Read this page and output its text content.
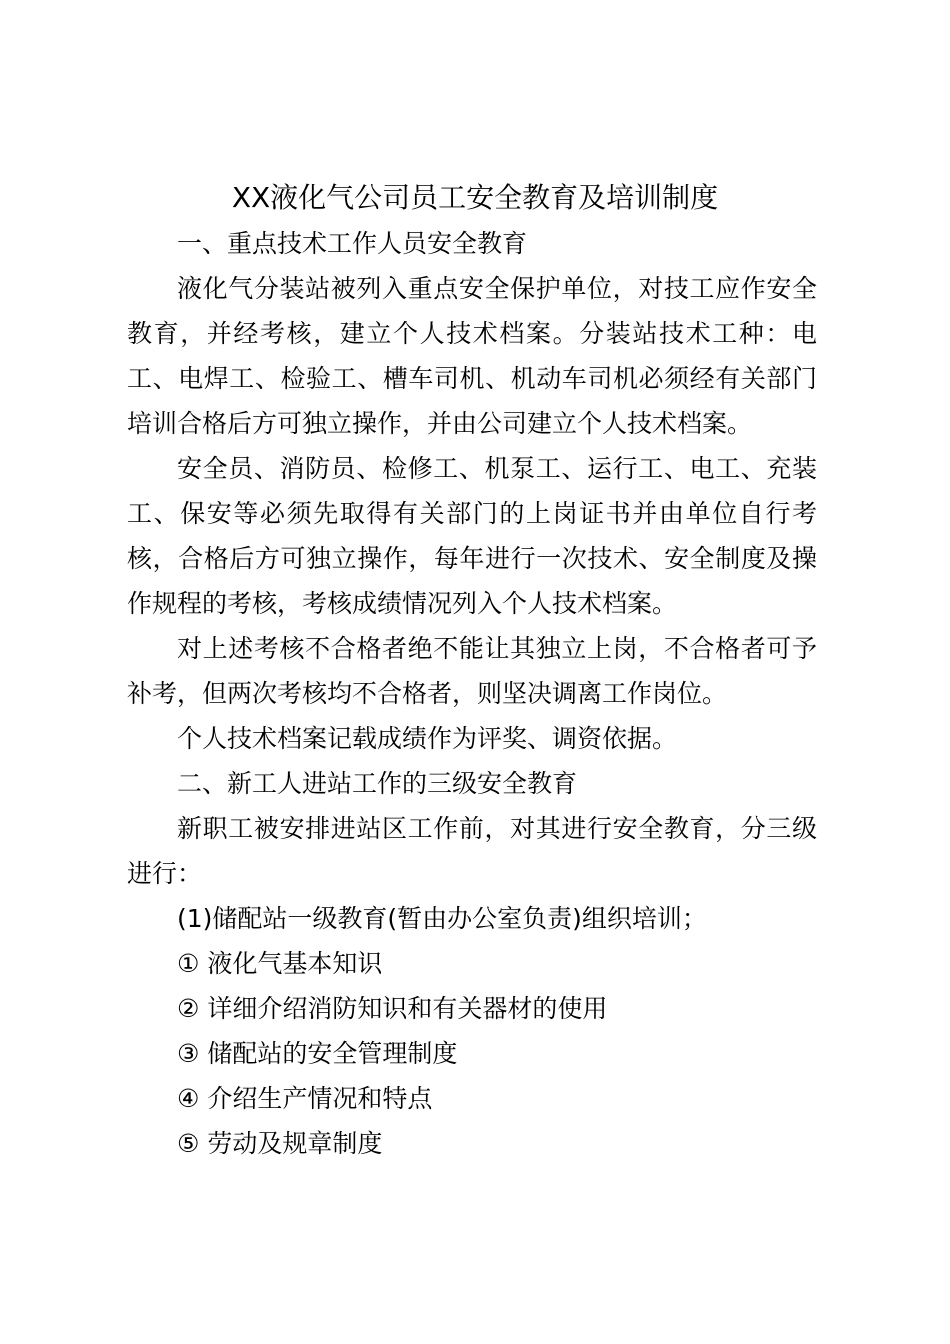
XX液化气公司员工安全教育及培训制度
一、重点技术工作人员安全教育
液化气分装站被列入重点安全保护单位，对技工应作安全
教育，并经考核，建立个人技术档案。分装站技术工种：电
工、电焊工、检验工、槽车司机、机动车司机必须经有关部门
培训合格后方可独立操作，并由公司建立个人技术档案。
安全员、消防员、检修工、机泵工、运行工、电工、充装
工、保安等必须先取得有关部门的上岗证书并由单位自行考
核，合格后方可独立操作，每年进行一次技术、安全制度及操
作规程的考核，考核成绩情况列入个人技术档案。
对上述考核不合格者绝不能让其独立上岗，不合格者可予
补考，但两次考核均不合格者，则坚决调离工作岗位。
个人技术档案记载成绩作为评奖、调资依据。
二、新工人进站工作的三级安全教育
新职工被安排进站区工作前，对其进行安全教育，分三级
进行：
(1)储配站一级教育(暂由办公室负责)组织培训；
① 液化气基本知识
② 详细介绍消防知识和有关器材的使用
③ 储配站的安全管理制度
④ 介绍生产情况和特点
⑤ 劳动及规章制度
